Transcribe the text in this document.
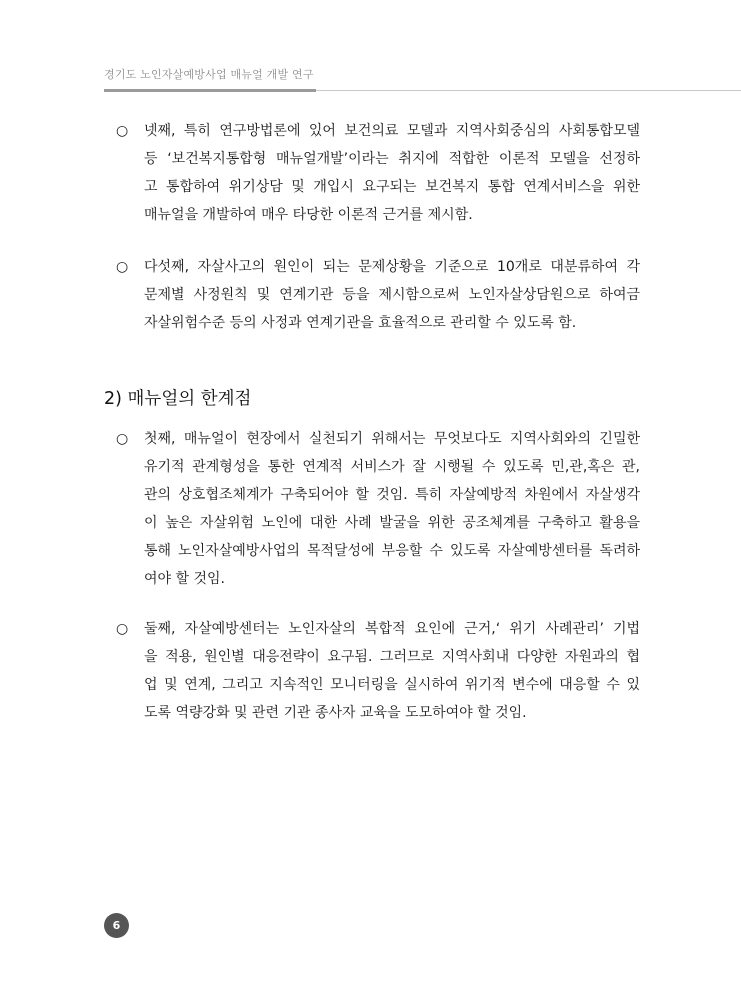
경기도 노인자살예방사업 매뉴얼 개발 연구
○	넷째, 특히 연구방법론에 있어 보건의료 모델과 지역사회중심의 사회통합모델
등 ‘보건복지통합형 매뉴얼개발’이라는 취지에 적합한 이론적 모델을 선정하
고 통합하여 위기상담 및 개입시 요구되는 보건복지 통합 연계서비스을 위한
매뉴얼을 개발하여 매우 타당한 이론적 근거를 제시함.
○	다섯째, 자살사고의 원인이 되는 문제상황을 기준으로 10개로 대분류하여 각
문제별 사정원칙 및 연계기관 등을 제시함으로써 노인자살상담원으로 하여금
자살위험수준 등의 사정과 연계기관을 효율적으로 관리할 수 있도록 함.
2) 매뉴얼의 한계점
○	첫째, 매뉴얼이 현장에서 실천되기 위해서는 무엇보다도 지역사회와의 긴밀한
유기적 관계형성을 통한 연계적 서비스가 잘 시행될 수 있도록 민,관,혹은 관,
관의 상호협조체계가 구축되어야 할 것임. 특히 자살예방적 차원에서 자살생각
이 높은 자살위험 노인에 대한 사례 발굴을 위한 공조체계를 구축하고 활용을
통해 노인자살예방사업의 목적달성에 부응할 수 있도록 자살예방센터를 독려하
여야 할 것임.
○	둘째, 자살예방센터는 노인자살의 복합적 요인에 근거,‘ 위기 사례관리’ 기법
을 적용, 원인별 대응전략이 요구됨. 그러므로 지역사회내 다양한 자원과의 협
업 및 연계, 그리고 지속적인 모니터링을 실시하여 위기적 변수에 대응할 수 있
도록 역량강화 및 관련 기관 종사자 교육을 도모하여야 할 것임.
6
